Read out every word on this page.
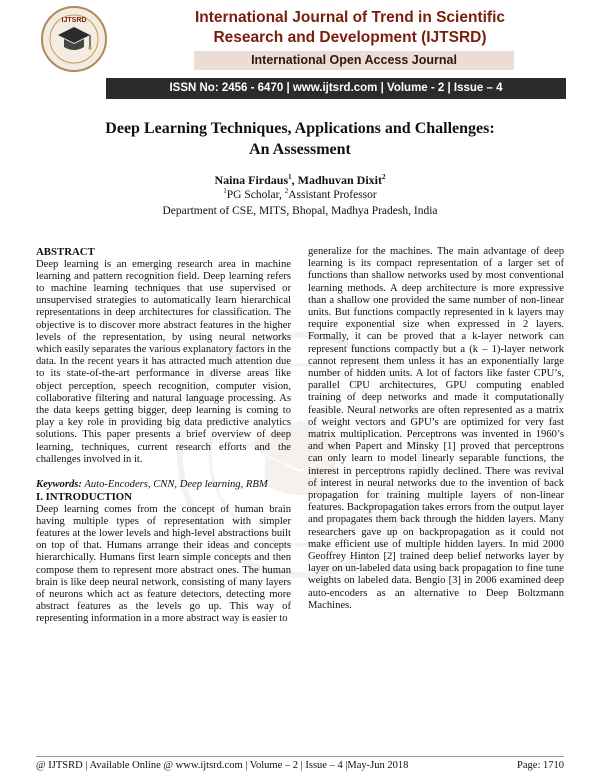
IJTSRD	International Journal of Trend in Scientific
Research and Development (IJTSRD)
International Open Access Journal
ISSN No: 2456 - 6470 | www.ijtsrd.com | Volume - 2 | Issue – 4
Deep Learning Techniques, Applications and Challenges:
An Assessment
Naina Firdaus$^1$, Madhuvan Dixit$^2$
$^1$PG Scholar, $^2$Assistant Professor
Department of CSE, MITS, Bhopal, Madhya Pradesh, India

ABSTRACT

Deep learning is an emerging research area in machine learning and pattern recognition field. Deep learning refers to machine learning techniques that use supervised or unsupervised strategies to automatically learn hierarchical representations in deep architectures for classification. The objective is to discover more abstract features in the higher levels of the representation, by using neural networks which easily separates the various explanatory factors in the data. In the recent years it has attracted much attention due to its state-of-the-art performance in diverse areas like object perception, speech recognition, computer vision, collaborative filtering and natural language processing. As the data keeps getting bigger, deep learning is coming to play a key role in providing big data predictive analytics solutions. This paper presents a brief overview of deep learning, techniques, current research efforts and the challenges involved in it.

Keywords: Auto-Encoders, CNN, Deep learning, RBM

I. INTRODUCTION

Deep learning comes from the concept of human brain having multiple types of representation with simpler features at the lower levels and high-level abstractions built on top of that. Humans arrange their ideas and concepts hierarchically. Humans first learn simple concepts and then compose them to represent more abstract ones. The human brain is like deep neural network, consisting of many layers of neurons which act as feature detectors, detecting more abstract features as the levels go up. This way of representing information in a more abstract way is easier to

generalize for the machines. The main advantage of deep learning is its compact representation of a larger set of functions than shallow networks used by most conventional learning methods. A deep architecture is more expressive than a shallow one provided the same number of non-linear units. But functions compactly represented in k layers may require exponential size when expressed in 2 layers. Formally, it can be proved that a k-layer network can represent functions compactly but a (k – 1)-layer network cannot represent them unless it has an exponentially large number of hidden units. A lot of factors like faster CPU’s, parallel CPU architectures, GPU computing enabled training of deep networks and made it computationally feasible. Neural networks are often represented as a matrix of weight vectors and GPU’s are optimized for very fast matrix multiplication. Perceptrons was invented in 1960’s and when Papert and Minsky [1] proved that perceptrons can only learn to model linearly separable functions, the interest in perceptrons rapidly declined. There was revival of interest in neural networks due to the invention of back propagation for training multiple layers of non-linear features. Backpropagation takes errors from the output layer and propagates them back through the hidden layers. Many researchers gave up on backpropagation as it could not make efficient use of multiple hidden layers. In mid 2000 Geoffrey Hinton [2] trained deep belief networks layer by layer on un-labeled data using back propagation to fine tune weights on labeled data. Bengio [3] in 2006 examined deep auto-encoders as an alternative to Deep Boltzmann Machines.

@ IJTSRD | Available Online @ www.ijtsrd.com | Volume – 2 | Issue – 4 |May-Jun 2018	Page: 1710
